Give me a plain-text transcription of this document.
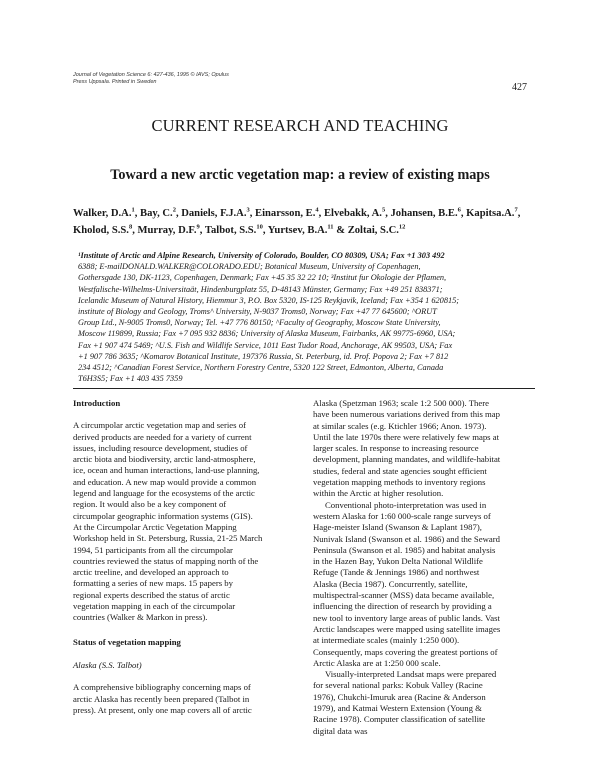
Journal of Vegetation Science 6: 427-436, 1995 © IAVS; Opulus
Press Uppsala. Printed in Sweden	427
CURRENT RESEARCH AND TEACHING
Toward a new arctic vegetation map: a review of existing maps
Walker, D.A.$^1$, Bay, C.$^2$, Daniels, F.J.A.$^3$, Einarsson, E.$^4$, Elvebakk, A.$^5$, Johansen, B.E.$^6$, Kapitsa.A.$^7$, Kholod, S.S.$^8$, Murray, D.F.$^9$, Talbot, S.S.$^{10}$, Yurtsev, B.A.$^{11}$ & Zoltai, S.C.$^{12}$
¹Institute of Arctic and Alpine Research, University of Colorado, Boulder, CO 80309, USA; Fax +1 303 492
6388; E-mailDONALD.WALKER@COLORADO.EDU; Botanical Museum, University of Copenhagen,
Gothersgade 130, DK-1123, Copenhagen, Denmark; Fax +45 35 32 22 10; ³Institut fur Okologie der Pflamen,
Westfalische-Wilhelms-Universitaät, Hindenburgplatz 55, D-48143 Münster, Germany; Fax +49 251 838371;
Icelandic Museum of Natural History, Hiemmur 3, P.O. Box 5320, IS-125 Reykjavik, Iceland; Fax +354 1 620815;
institute of Biology and Geology, Troms^ University, N-9037 Troms0, Norway; Fax +47 77 645600; ^ORUT
Group Ltd., N-9005 Troms0, Norway; Tel. +47 776 80150; ^Faculty of Geography, Moscow State University,
Moscow 119899, Russia; Fax +7 095 932 8836; University of Alaska Museum, Fairbanks, AK 99775-6960, USA;
Fax +1 907 474 5469; ^U.S. Fish and Wildlife Service, 1011 East Tudor Road, Anchorage, AK 99503, USA; Fax
+1 907 786 3635; ^Komarov Botanical Institute, 197376 Russia, St. Peterburg, id. Prof. Popova 2; Fax +7 812
234 4512; ^Canadian Forest Service, Northern Forestry Centre, 5320 122 Street, Edmonton, Alberta, Canada
T6H3S5; Fax +1 403 435 7359

Introduction

A circumpolar arctic vegetation map and series of
derived products are needed for a variety of current
issues, including resource development, studies of
arctic biota and biodiversity, arctic land-atmosphere,
ice, ocean and human interactions, land-use planning,
and education. A new map would provide a common
legend and language for the ecosystems of the arctic
region. It would also be a key component of
circumpolar geographic information systems (GIS).
At the Circumpolar Arctic Vegetation Mapping
Workshop held in St. Petersburg, Russia, 21-25 March
1994, 51 participants from all the circumpolar
countries reviewed the status of mapping north of the
arctic treeline, and developed an approach to
formatting a series of new maps. 15 papers by
regional experts described the status of arctic
vegetation mapping in each of the circumpolar
countries (Walker & Markon in press).

Status of vegetation mapping

Alaska (S.S. Talbot)

A comprehensive bibliography concerning maps of
arctic Alaska has recently been prepared (Talbot in
press). At present, only one map covers all of arctic
Alaska (Spetzman 1963; scale 1:2 500 000). There
have been numerous variations derived from this map
at similar scales (e.g. Ktichler 1966; Anon. 1973).
Until the late 1970s there were relatively few maps at
larger scales. In response to increasing resource
development, planning mandates, and wildlife-habitat
studies, federal and state agencies sought efficient
vegetation mapping methods to inventory regions
within the Arctic at higher resolution.
Conventional photo-interpretation was used in
western Alaska for 1:60 000-scale range surveys of
Hage-meister Island (Swanson & Laplant 1987),
Nunivak Island (Swanson et al. 1986) and the Seward
Peninsula (Swanson et al. 1985) and habitat analysis
in the Hazen Bay, Yukon Delta National Wildlife
Refuge (Tande & Jennings 1986) and northwest
Alaska (Becia 1987). Concurrently, satellite,
multispectral-scanner (MSS) data became available,
influencing the direction of research by providing a
new tool to inventory large areas of public lands. Vast
Arctic landscapes were mapped using satellite images
at intermediate scales (mainly 1:250 000).
Consequently, maps covering the greatest portions of
Arctic Alaska are at 1:250 000 scale.
Visually-interpreted Landsat maps were prepared
for several national parks: Kobuk Valley (Racine
1976), Chukchi-Imuruk area (Racine & Anderson
1979), and Katmai Western Extension (Young &
Racine 1978). Computer classification of satellite
digital data was
